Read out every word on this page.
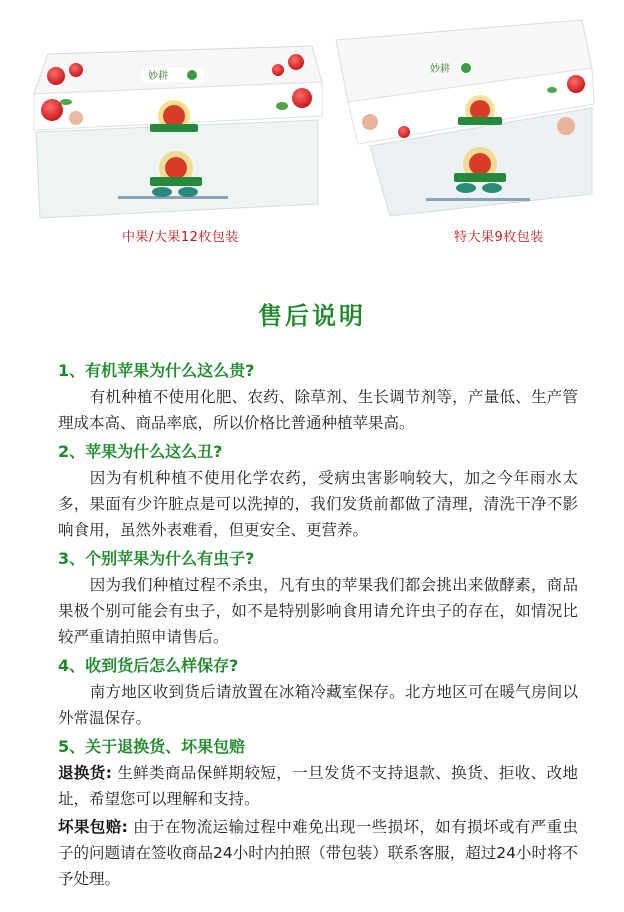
妙耕
妙耕
中果/大果12枚包装	特大果9枚包装
售后说明
1、有机苹果为什么这么贵?
有机种植不使用化肥、农药、除草剂、生长调节剂等，产量低、生产管理成本高、商品率底，所以价格比普通种植苹果高。
2、苹果为什么这么丑?
因为有机种植不使用化学农药，受病虫害影响较大，加之今年雨水太多，果面有少许脏点是可以洗掉的，我们发货前都做了清理，清洗干净不影响食用，虽然外表难看，但更安全、更营养。
3、个别苹果为什么有虫子?
因为我们种植过程不杀虫，凡有虫的苹果我们都会挑出来做酵素，商品果极个别可能会有虫子，如不是特别影响食用请允许虫子的存在，如情况比较严重请拍照申请售后。
4、收到货后怎么样保存?
南方地区收到货后请放置在冰箱冷藏室保存。北方地区可在暖气房间以外常温保存。
5、关于退换货、坏果包赔
退换货: 生鲜类商品保鲜期较短，一旦发货不支持退款、换货、拒收、改地址，希望您可以理解和支持。
坏果包赔: 由于在物流运输过程中难免出现一些损坏，如有损坏或有严重虫子的问题请在签收商品24小时内拍照（带包装）联系客服，超过24小时将不予处理。
